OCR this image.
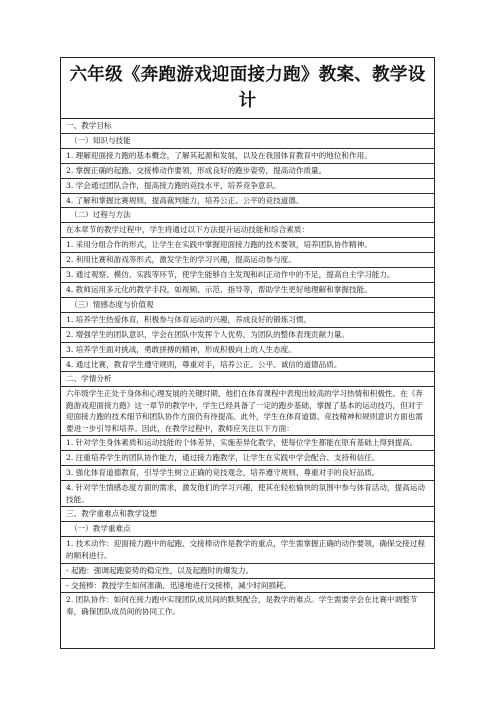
六年级《奔跑游戏迎面接力跑》教案、教学设计
一、教学目标
（一）知识与技能
1. 理解迎面接力跑的基本概念，了解其起源和发展，以及在我国体育教育中的地位和作用。
2. 掌握正确的起跑、交接棒动作要领，形成良好的跑步姿势，提高动作质量。
3. 学会通过团队合作，提高接力跑的竞技水平，培养竞争意识。
4. 了解和掌握比赛规则，提高裁判能力，培养公正、公平的竞技道德。
（二）过程与方法
在本章节的教学过程中，学生将通过以下方法提升运动技能和综合素质：
1. 采用分组合作的形式，让学生在实践中掌握迎面接力跑的技术要领，培养团队协作精神。
2. 利用比赛和游戏等形式，激发学生的学习兴趣，提高运动参与度。
3. 通过观察、模仿、实践等环节，使学生能够自主发现和纠正动作中的不足，提高自主学习能力。
4. 教师运用多元化的教学手段，如视频、示范、指导等，帮助学生更好地理解和掌握技能。
（三）情感态度与价值观
1. 培养学生热爱体育，积极参与体育运动的兴趣，养成良好的锻炼习惯。
2. 增强学生的团队意识，学会在团队中发挥个人优势，为团队的整体表现贡献力量。
3. 培养学生面对挑战，勇敢拼搏的精神，形成积极向上的人生态度。
4. 通过比赛，教育学生遵守规则，尊重对手，培养公正、公平、诚信的道德品质。
二、学情分析
六年级学生正处于身体和心理发展的关键时期，他们在体育课程中表现出较高的学习热情和积极性。在《奔跑游戏迎面接力跑》这一章节的教学中，学生已经具备了一定的跑步基础，掌握了基本的运动技巧，但对于迎面接力跑的技术细节和团队协作方面仍有待提高。此外，学生在体育道德、竞技精神和规则意识方面也需要进一步引导和培养。因此，在教学过程中，教师应关注以下方面：
1. 针对学生身体素质和运动技能的个体差异，实施差异化教学，使每位学生都能在原有基础上得到提高。
2. 注重培养学生的团队协作能力，通过接力跑教学，让学生在实践中学会配合、支持和信任。
3. 强化体育道德教育，引导学生树立正确的竞技观念，培养遵守规则、尊重对手的良好品质。
4. 针对学生情感态度方面的需求，激发他们的学习兴趣，使其在轻松愉快的氛围中参与体育活动，提高运动技能。
三、教学重难点和教学设想
（一）教学重难点
1. 技术动作：迎面接力跑中的起跑、交接棒动作是教学的重点，学生需掌握正确的动作要领，确保交接过程的顺利进行。
- 起跑：强调起跑姿势的稳定性，以及起跑时的爆发力。
- 交接棒：教授学生如何准确、迅速地进行交接棒，减少时间损耗。
2. 团队协作：如何在接力跑中实现团队成员间的默契配合，是教学的难点。学生需要学会在比赛中调整节奏，确保团队成员间的协同工作。
